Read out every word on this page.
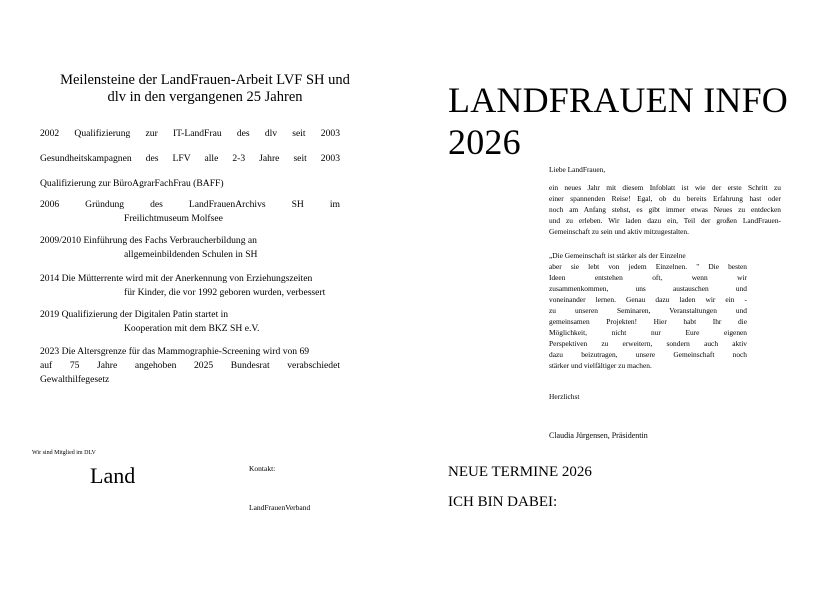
Meilensteine der LandFrauen-Arbeit LVF SH und
dlv in den vergangenen 25 Jahren
2002 Qualifizierung zur IT-LandFrau des dlv seit 2003
Gesundheitskampagnen des LFV alle 2-3 Jahre seit 2003
Qualifizierung zur BüroAgrarFachFrau (BAFF)
2006 Gründung des LandFrauenArchivs SH im
Freilichtmuseum Molfsee
2009/2010 Einführung des Fachs Verbraucherbildung an
allgemeinbildenden Schulen in SH
2014 Die Mütterrente wird mit der Anerkennung von Erziehungszeiten
für Kinder, die vor 1992 geboren wurden, verbessert
2019 Qualifizierung der Digitalen Patin startet in
Kooperation mit dem BKZ SH e.V.
2023 Die Altersgrenze für das Mammographie-Screening wird von 69
auf 75 Jahre angehoben 2025 Bundesrat verabschiedet
Gewalthilfegesetz
Wir sind Mitglied im DLV
Land	Kontakt:
LandFrauenVerband
LANDFRAUEN INFO
2026
Liebe LandFrauen,
ein neues Jahr mit diesem Infoblatt ist wie der erste Schritt zu
einer spannenden Reise! Egal, ob du bereits Erfahrung hast oder
noch am Anfang stehst, es gibt immer etwas Neues zu entdecken
und zu erleben. Wir laden dazu ein, Teil der großen LandFrauen-
Gemeinschaft zu sein und aktiv mitzugestalten.
„Die Gemeinschaft ist stärker als der Einzelne
aber sie lebt von jedem Einzelnen. " Die besten
Ideen entstehen oft, wenn wir
zusammenkommen, uns austauschen und
voneinander lernen. Genau dazu laden wir ein -
zu unseren Seminaren, Veranstaltungen und
gemeinsamen Projekten! Hier habt Ihr die
Möglichkeit, nicht nur Eure eigenen
Perspektiven zu erweitern, sondern auch aktiv
dazu beizutragen, unsere Gemeinschaft noch
stärker und vielfältiger zu machen.
Herzlichst
Claudia Jürgensen, Präsidentin
NEUE TERMINE 2026
ICH BIN DABEI:
